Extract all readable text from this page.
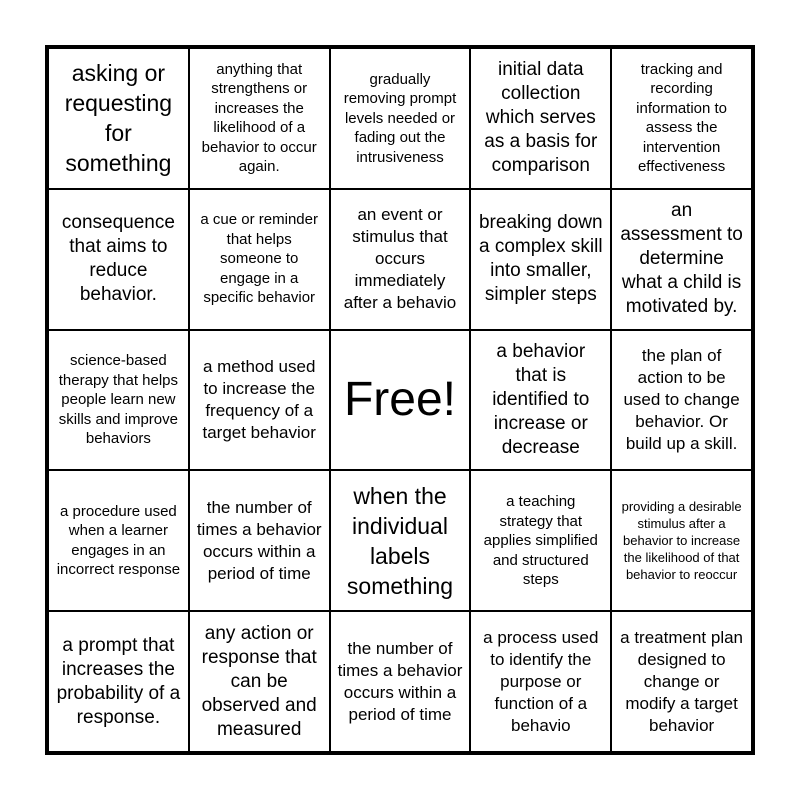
asking or requesting for something
anything that strengthens or increases the likelihood of a behavior to occur again.
gradually removing prompt levels needed or fading out the intrusiveness
initial data collection which serves as a basis for comparison
tracking and recording information to assess the intervention effectiveness
consequence that aims to reduce behavior.
a cue or reminder that helps someone to engage in a specific behavior
an event or stimulus that occurs immediately after a behavio
breaking down a complex skill into smaller, simpler steps
an assessment to determine what a child is motivated by.
science-based therapy that helps people learn new skills and improve behaviors
a method used to increase the frequency of a target behavior
Free!
a behavior that is identified to increase or decrease
the plan of action to be used to change behavior. Or build up a skill.
a procedure used when a learner engages in an incorrect response
the number of times a behavior occurs within a period of time
when the individual labels something
a teaching strategy that applies simplified and structured steps
providing a desirable stimulus after a behavior to increase the likelihood of that behavior to reoccur
a prompt that increases the probability of a response.
any action or response that can be observed and measured
the number of times a behavior occurs within a period of time
a process used to identify the purpose or function of a behavio
a treatment plan designed to change or modify a target behavior
